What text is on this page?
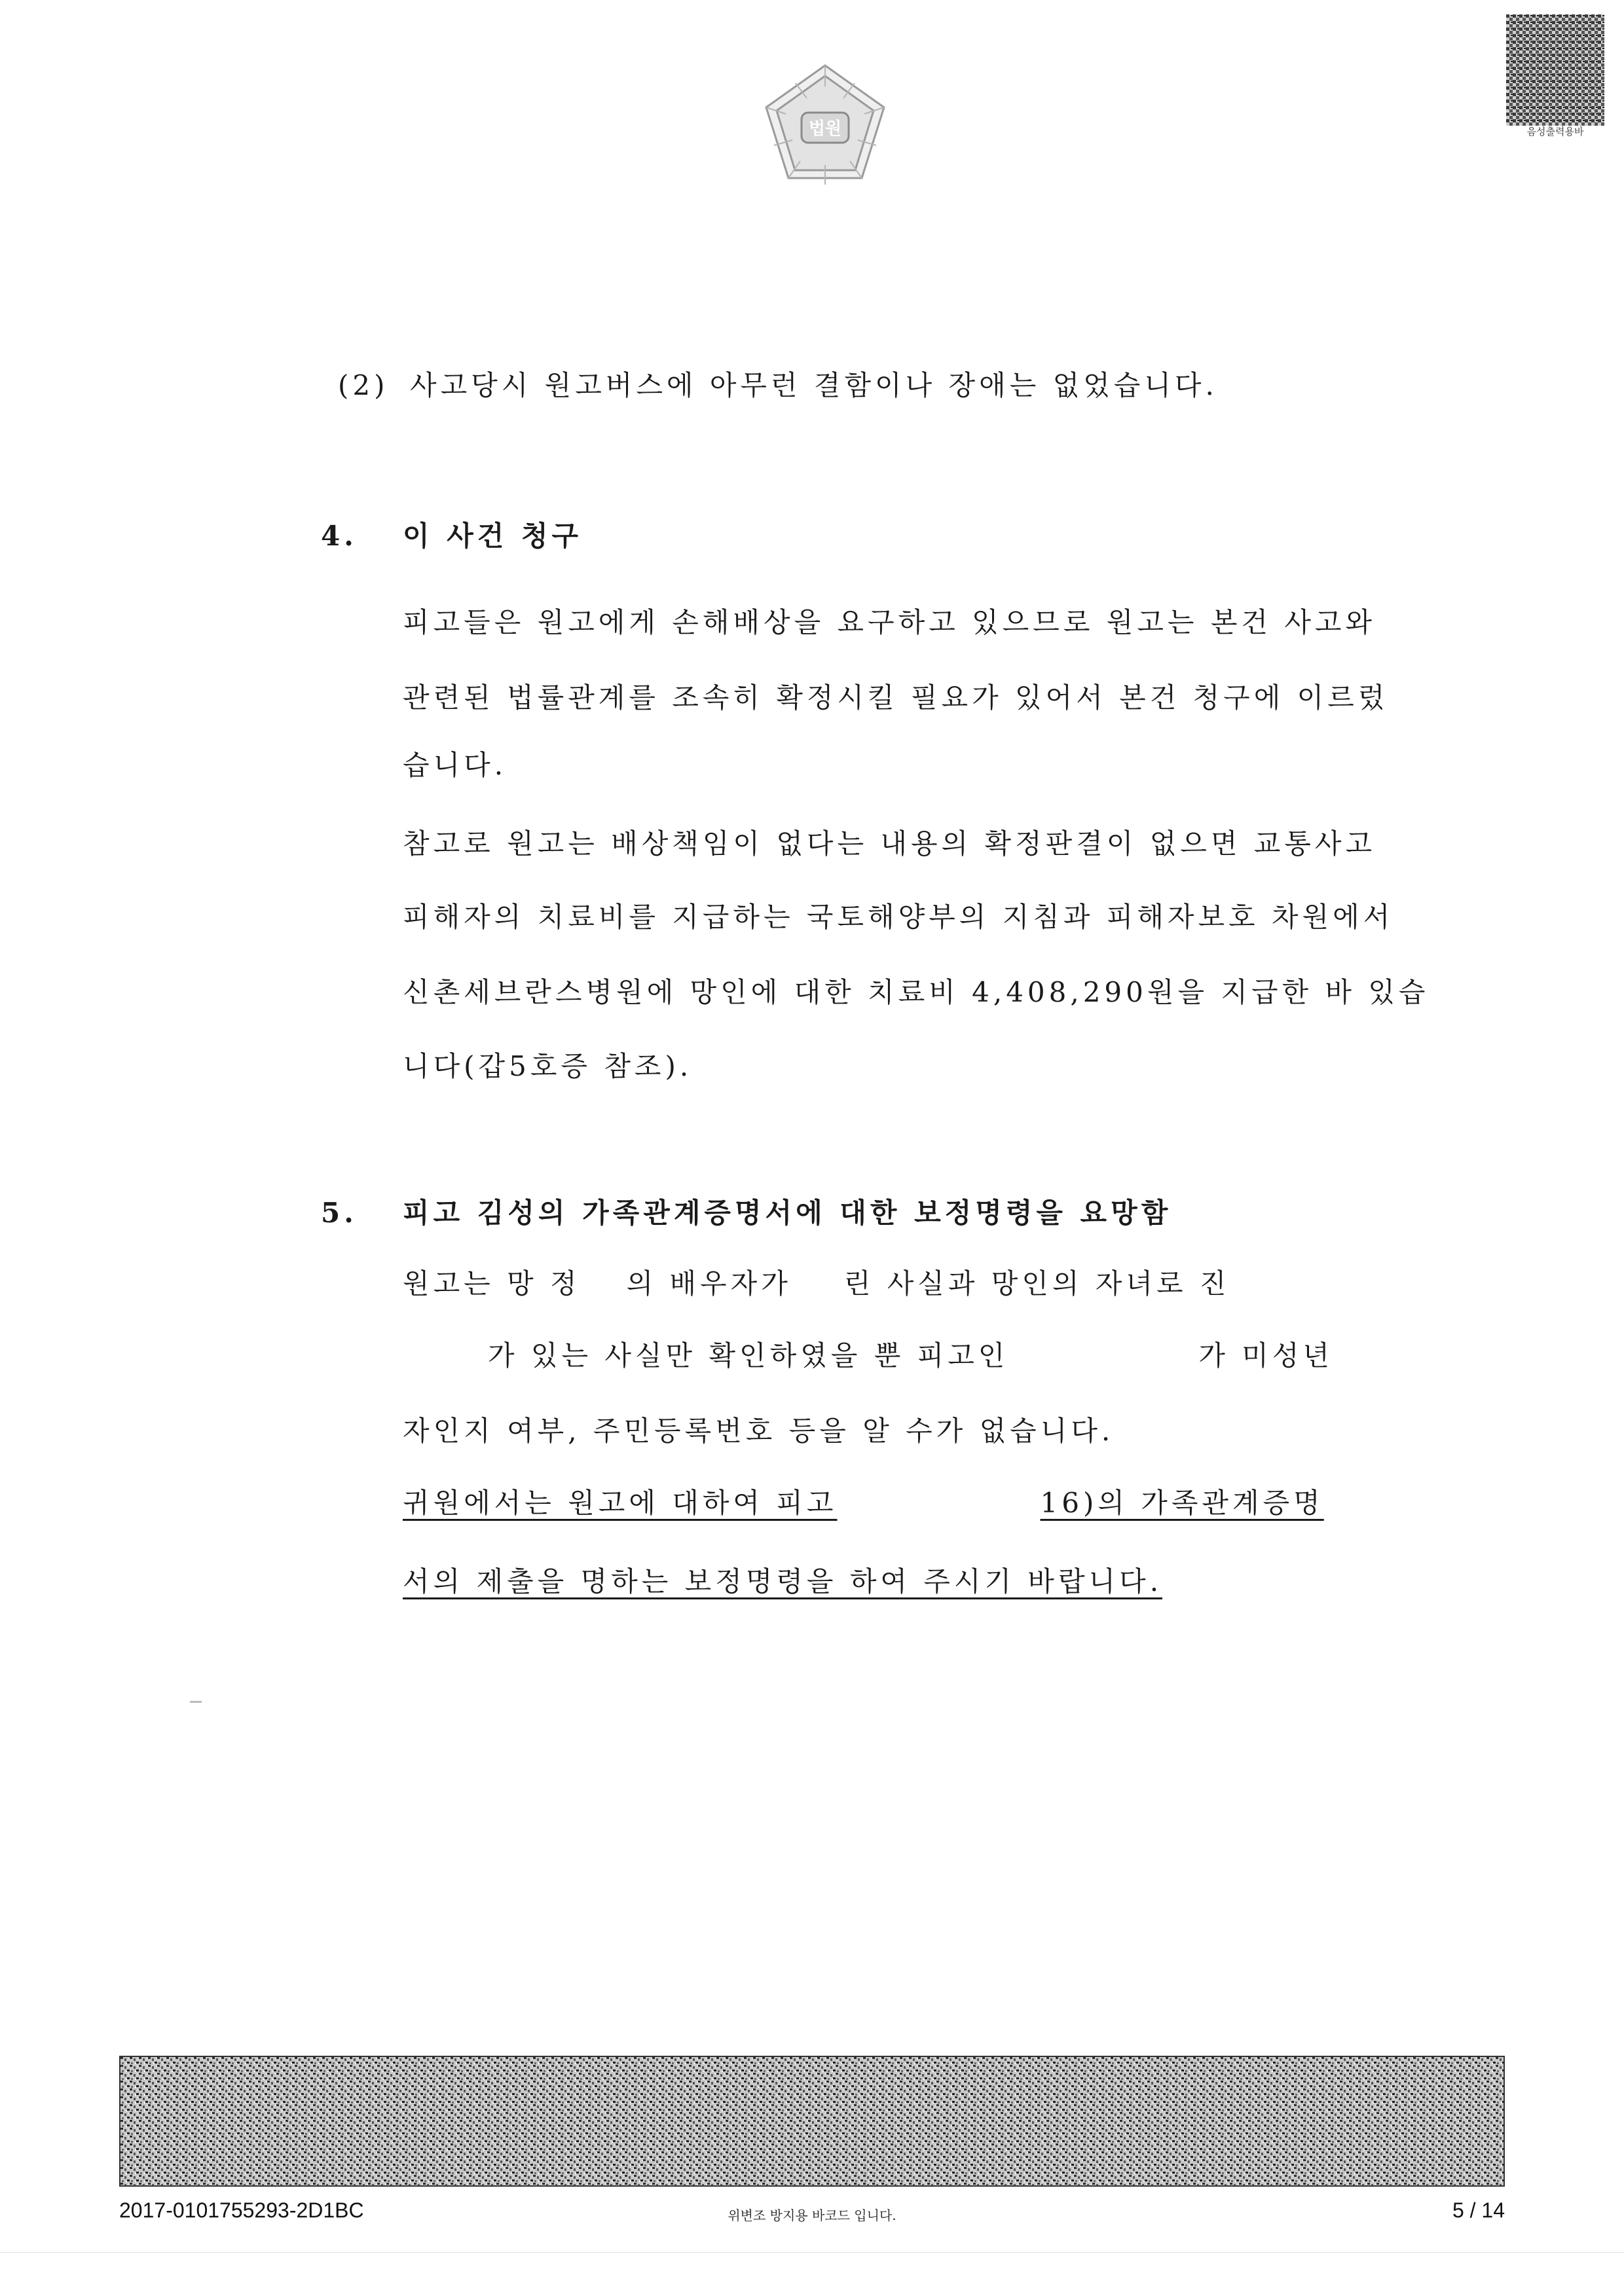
법원	음성출력용바
(2) 사고당시 원고버스에 아무런 결함이나 장애는 없었습니다.
4. 이 사건 청구
피고들은 원고에게 손해배상을 요구하고 있으므로 원고는 본건 사고와
관련된 법률관계를 조속히 확정시킬 필요가 있어서 본건 청구에 이르렀
습니다.
참고로 원고는 배상책임이 없다는 내용의 확정판결이 없으면 교통사고
피해자의 치료비를 지급하는 국토해양부의 지침과 피해자보호 차원에서
신촌세브란스병원에 망인에 대한 치료비 4,408,290원을 지급한 바 있습
니다(갑5호증 참조).
5. 피고 김성의 가족관계증명서에 대한 보정명령을 요망함
원고는 망 정 의 배우자가 린 사실과 망인의 자녀로 진
가 있는 사실만 확인하였을 뿐 피고인	가 미성년
자인지 여부, 주민등록번호 등을 알 수가 없습니다.
귀원에서는 원고에 대하여 피고	16)의 가족관계증명
서의 제출을 명하는 보정명령을 하여 주시기 바랍니다.
2017-0101755293-2D1BC	위변조 방지용 바코드 입니다.	5 / 14
